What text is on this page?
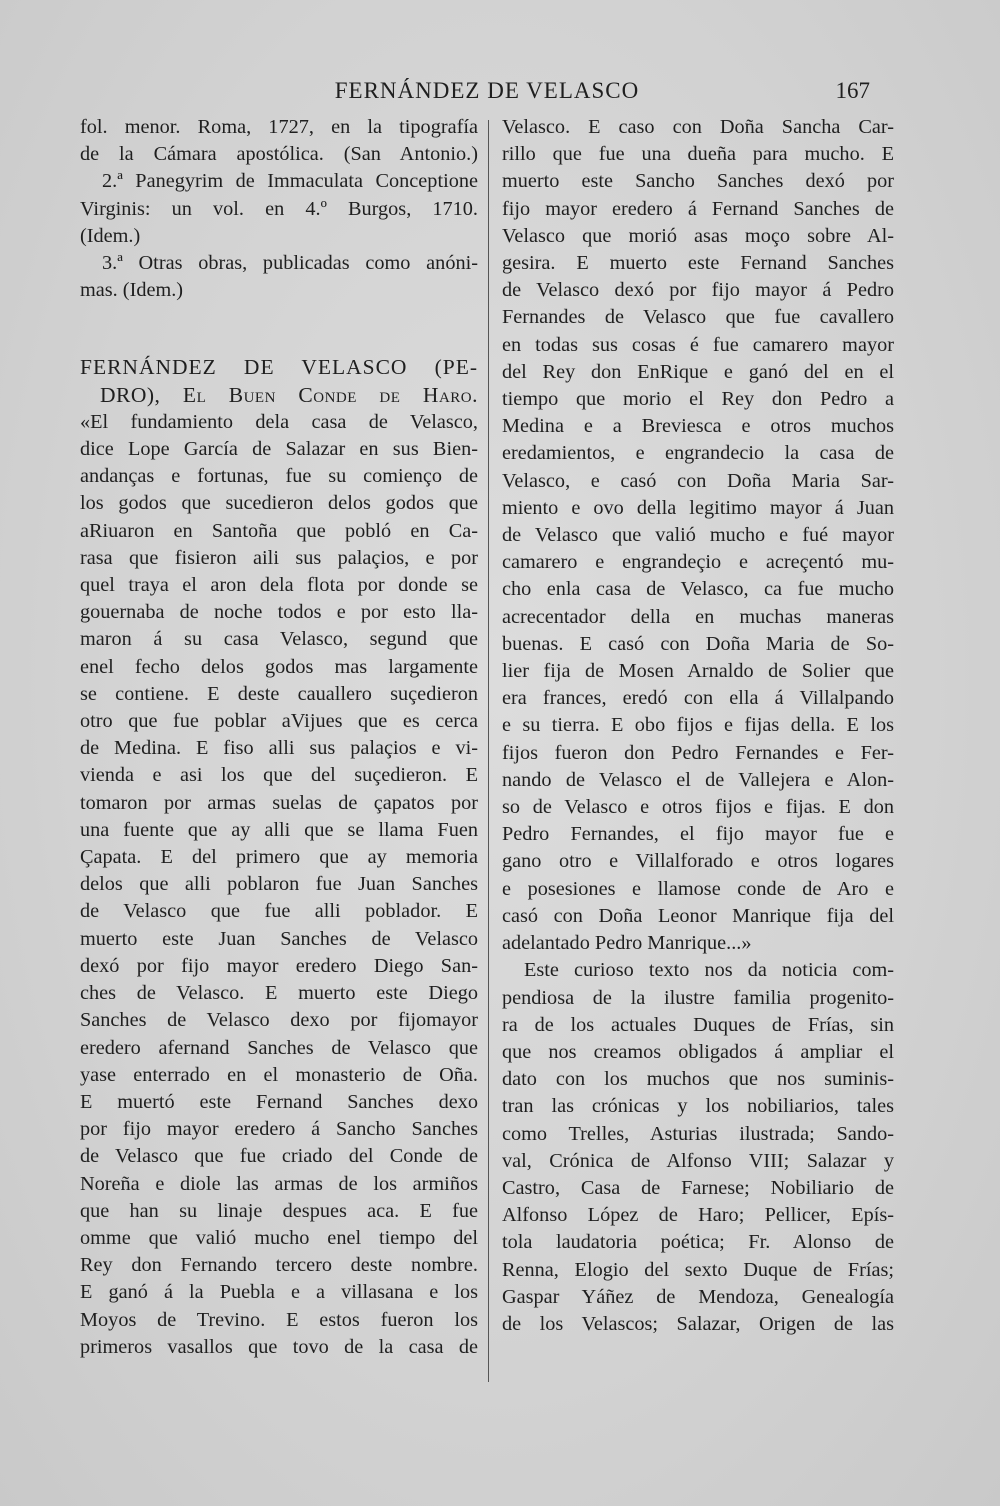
FERNÁNDEZ DE VELASCO	167
fol. menor. Roma, 1727, en la tipografía
de la Cámara apostólica. (San Antonio.)
2.ª Panegyrim de Immaculata Conceptione
Virginis: un vol. en 4.º Burgos, 1710.
(Idem.)
3.ª Otras obras, publicadas como anóni-
mas. (Idem.)
FERNÁNDEZ DE VELASCO (PE-
DRO), El Buen Conde de Haro.
«El fundamiento dela casa de Velasco,
dice Lope García de Salazar en sus Bien-
andanças e fortunas, fue su comienço de
los godos que sucedieron delos godos que
aRiuaron en Santoña que pobló en Ca-
rasa que fisieron aili sus palaçios, e por
quel traya el aron dela flota por donde se
gouernaba de noche todos e por esto lla-
maron á su casa Velasco, segund que
enel fecho delos godos mas largamente
se contiene. E deste cauallero suçedieron
otro que fue poblar aVijues que es cerca
de Medina. E fiso alli sus palaçios e vi-
vienda e asi los que del suçedieron. E
tomaron por armas suelas de çapatos por
una fuente que ay alli que se llama Fuen
Çapata. E del primero que ay memoria
delos que alli poblaron fue Juan Sanches
de Velasco que fue alli poblador. E
muerto este Juan Sanches de Velasco
dexó por fijo mayor eredero Diego San-
ches de Velasco. E muerto este Diego
Sanches de Velasco dexo por fijomayor
eredero afernand Sanches de Velasco que
yase enterrado en el monasterio de Oña.
E muertó este Fernand Sanches dexo
por fijo mayor eredero á Sancho Sanches
de Velasco que fue criado del Conde de
Noreña e diole las armas de los armiños
que han su linaje despues aca. E fue
omme que valió mucho enel tiempo del
Rey don Fernando tercero deste nombre.
E ganó á la Puebla e a villasana e los
Moyos de Trevino. E estos fueron los
primeros vasallos que tovo de la casa de
Velasco. E caso con Doña Sancha Car-
rillo que fue una dueña para mucho. E
muerto este Sancho Sanches dexó por
fijo mayor eredero á Fernand Sanches de
Velasco que morió asas moço sobre Al-
gesira. E muerto este Fernand Sanches
de Velasco dexó por fijo mayor á Pedro
Fernandes de Velasco que fue cavallero
en todas sus cosas é fue camarero mayor
del Rey don EnRique e ganó del en el
tiempo que morio el Rey don Pedro a
Medina e a Breviesca e otros muchos
eredamientos, e engrandecio la casa de
Velasco, e casó con Doña Maria Sar-
miento e ovo della legitimo mayor á Juan
de Velasco que valió mucho e fué mayor
camarero e engrandeçio e acreçentó mu-
cho enla casa de Velasco, ca fue mucho
acrecentador della en muchas maneras
buenas. E casó con Doña Maria de So-
lier fija de Mosen Arnaldo de Solier que
era frances, eredó con ella á Villalpando
e su tierra. E obo fijos e fijas della. E los
fijos fueron don Pedro Fernandes e Fer-
nando de Velasco el de Vallejera e Alon-
so de Velasco e otros fijos e fijas. E don
Pedro Fernandes, el fijo mayor fue e
gano otro e Villalforado e otros logares
e posesiones e llamose conde de Aro e
casó con Doña Leonor Manrique fija del
adelantado Pedro Manrique...»
Este curioso texto nos da noticia com-
pendiosa de la ilustre familia progenito-
ra de los actuales Duques de Frías, sin
que nos creamos obligados á ampliar el
dato con los muchos que nos suminis-
tran las crónicas y los nobiliarios, tales
como Trelles, Asturias ilustrada; Sando-
val, Crónica de Alfonso VIII; Salazar y
Castro, Casa de Farnese; Nobiliario de
Alfonso López de Haro; Pellicer, Epís-
tola laudatoria poética; Fr. Alonso de
Renna, Elogio del sexto Duque de Frías;
Gaspar Yáñez de Mendoza, Genealogía
de los Velascos; Salazar, Origen de las
